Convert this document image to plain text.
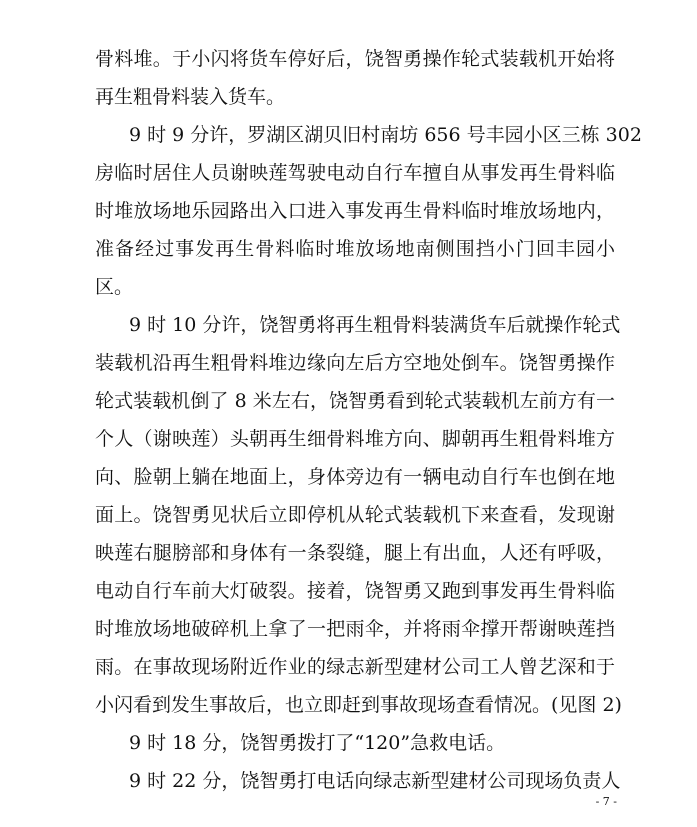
骨料堆。于小闪将货车停好后，饶智勇操作轮式装载机开始将
再生粗骨料装入货车。
9 时 9 分许，罗湖区湖贝旧村南坊 656 号丰园小区三栋 302
房临时居住人员谢映莲驾驶电动自行车擅自从事发再生骨料临
时堆放场地乐园路出入口进入事发再生骨料临时堆放场地内，
准备经过事发再生骨料临时堆放场地南侧围挡小门回丰园小
区。
9 时 10 分许，饶智勇将再生粗骨料装满货车后就操作轮式
装载机沿再生粗骨料堆边缘向左后方空地处倒车。饶智勇操作
轮式装载机倒了 8 米左右，饶智勇看到轮式装载机左前方有一
个人（谢映莲）头朝再生细骨料堆方向、脚朝再生粗骨料堆方
向、脸朝上躺在地面上，身体旁边有一辆电动自行车也倒在地
面上。饶智勇见状后立即停机从轮式装载机下来查看，发现谢
映莲右腿膀部和身体有一条裂缝，腿上有出血，人还有呼吸，
电动自行车前大灯破裂。接着，饶智勇又跑到事发再生骨料临
时堆放场地破碎机上拿了一把雨伞，并将雨伞撑开帮谢映莲挡
雨。在事故现场附近作业的绿志新型建材公司工人曾艺深和于
小闪看到发生事故后，也立即赶到事故现场查看情况。(见图 2)
9 时 18 分，饶智勇拨打了“120”急救电话。
9 时 22 分，饶智勇打电话向绿志新型建材公司现场负责人
- 7 -
